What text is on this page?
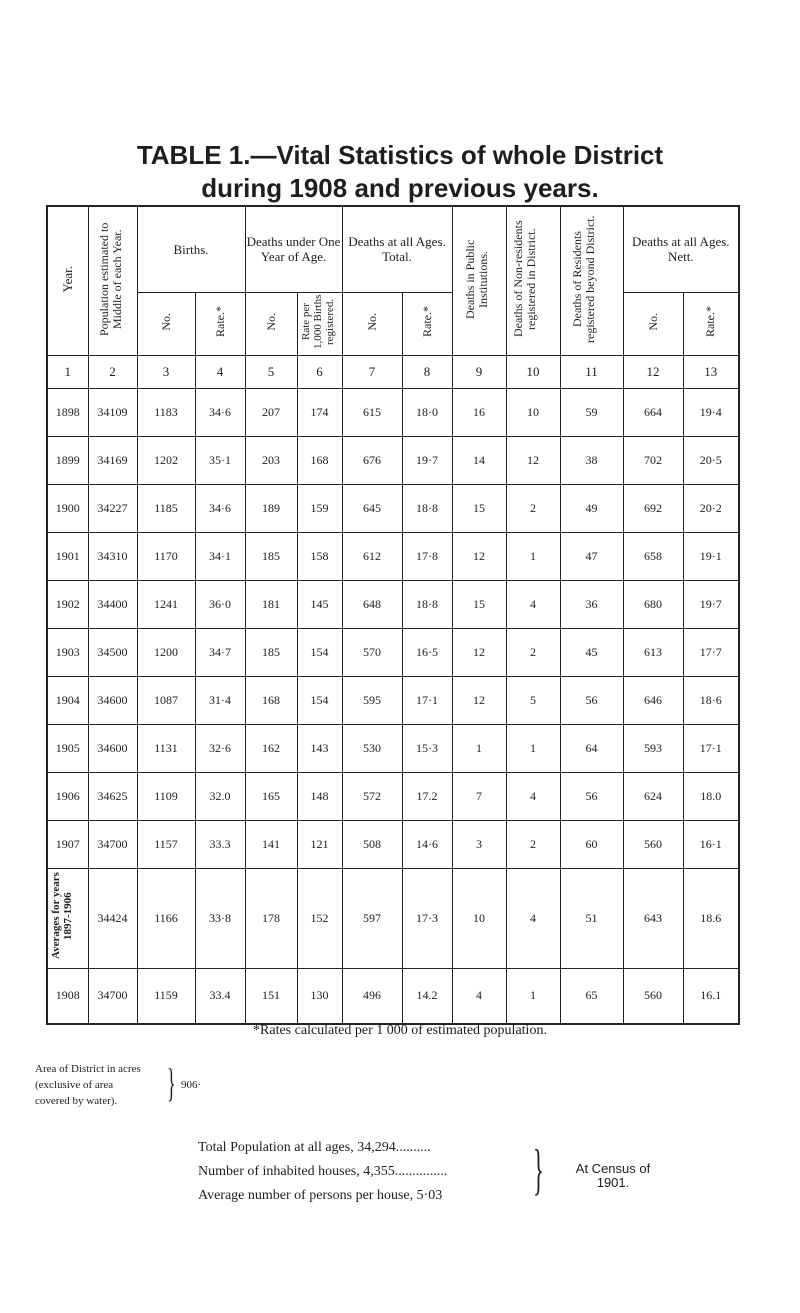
TABLE 1.—Vital Statistics of whole District
during 1908 and previous years.
Year.	Population estimated to Middle of each Year.	Births.		Deaths under One Year of Age.		Deaths at all Ages. Total.		Deaths in Public Institutions.	Deaths of Non-residents registered in District.	Deaths of Residents registered beyond District.	Deaths at all Ages. Nett.	
		No.	Rate.*	No.	Rate per 1,000 Births registered.	No.	Rate.*				No.	Rate.*
1	2	3	4	5	6	7	8	9	10	11	12	13
1898	34109	1183	34·6	207	174	615	18·0	16	10	59	664	19·4
1899	34169	1202	35·1	203	168	676	19·7	14	12	38	702	20·5
1900	34227	1185	34·6	189	159	645	18·8	15	2	49	692	20·2
1901	34310	1170	34·1	185	158	612	17·8	12	1	47	658	19·1
1902	34400	1241	36·0	181	145	648	18·8	15	4	36	680	19·7
1903	34500	1200	34·7	185	154	570	16·5	12	2	45	613	17·7
1904	34600	1087	31·4	168	154	595	17·1	12	5	56	646	18·6
1905	34600	1131	32·6	162	143	530	15·3	1	1	64	593	17·1
1906	34625	1109	32.0	165	148	572	17.2	7	4	56	624	18.0
1907	34700	1157	33.3	141	121	508	14·6	3	2	60	560	16·1
Averages for years 1897-1906	34424	1166	33·8	178	152	597	17·3	10	4	51	643	18.6
1908	34700	1159	33.4	151	130	496	14.2	4	1	65	560	16.1
*Rates calculated per 1 000 of estimated population.
Area of District in acres
(exclusive of area
covered by water). } 906·
Total Population at all ages, 34,294..........
Number of inhabited houses, 4,355...............
Average number of persons per house, 5·03 }	At Census of 1901.
